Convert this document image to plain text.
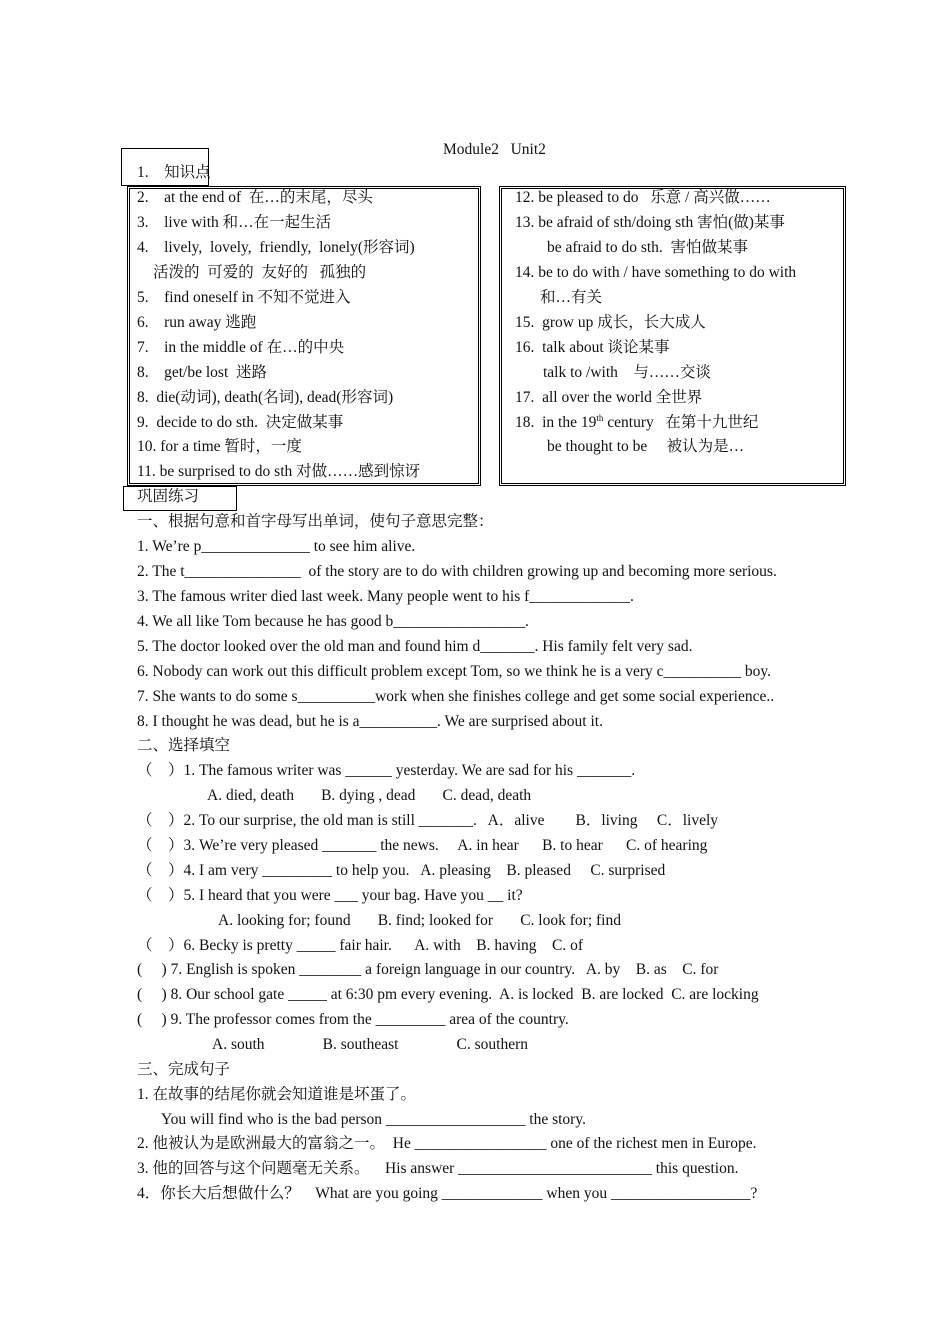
Module2   Unit2
1.    知识点
2.    at the end of  在…的末尾，尽头
3.    live with 和…在一起生活
4.    lively,  lovely,  friendly,  lonely(形容词)
活泼的  可爱的  友好的   孤独的
5.    find oneself in 不知不觉进入
6.    run away 逃跑
7.    in the middle of 在…的中央
8.    get/be lost  迷路
8.  die(动词), death(名词), dead(形容词)
9.  decide to do sth.  决定做某事
10. for a time 暂时，一度
11. be surprised to do sth 对做……感到惊讶
12. be pleased to do   乐意 / 高兴做……
13. be afraid of sth/doing sth 害怕(做)某事
be afraid to do sth.  害怕做某事
14. be to do with / have something to do with
和…有关
15.  grow up 成长，长大成人
16.  talk about 谈论某事
talk to /with    与……交谈
17.  all over the world 全世界
18.  in the 19th century   在第十九世纪
be thought to be     被认为是…
巩固练习
一、根据句意和首字母写出单词，使句子意思完整：
1. We’re p______________ to see him alive.
2. The t_______________  of the story are to do with children growing up and becoming more serious.
3. The famous writer died last week. Many people went to his f_____________.
4. We all like Tom because he has good b_________________.
5. The doctor looked over the old man and found him d_______. His family felt very sad.
6. Nobody can work out this difficult problem except Tom, so we think he is a very c__________ boy.
7. She wants to do some s__________work when she finishes college and get some social experience..
8. I thought he was dead, but he is a__________. We are surprised about it.
二、选择填空
（    ）1. The famous writer was ______ yesterday. We are sad for his _______.
A. died, death       B. dying , dead       C. dead, death
（    ）2. To our surprise, the old man is still _______.   A．alive        B．living     C．lively
（    ）3. We’re very pleased _______ the news.     A. in hear      B. to hear      C. of hearing
（    ）4. I am very _________ to help you.   A. pleasing    B. pleased     C. surprised
（    ）5. I heard that you were ___ your bag. Have you __ it?
A. looking for; found       B. find; looked for       C. look for; find
（    ）6. Becky is pretty _____ fair hair.      A. with    B. having    C. of
(     ) 7. English is spoken ________ a foreign language in our country.   A. by    B. as    C. for
(     ) 8. Our school gate _____ at 6:30 pm every evening.  A. is locked  B. are locked  C. are locking
(     ) 9. The professor comes from the _________ area of the country.
A. south               B. southeast               C. southern
三、完成句子
1. 在故事的结尾你就会知道谁是坏蛋了。
You will find who is the bad person __________________ the story.
2. 他被认为是欧洲最大的富翁之一。  He _________________ one of the richest men in Europe.
3. 他的回答与这个问题毫无关系。    His answer _________________________ this question.
4．你长大后想做什么？    What are you going _____________ when you __________________?
